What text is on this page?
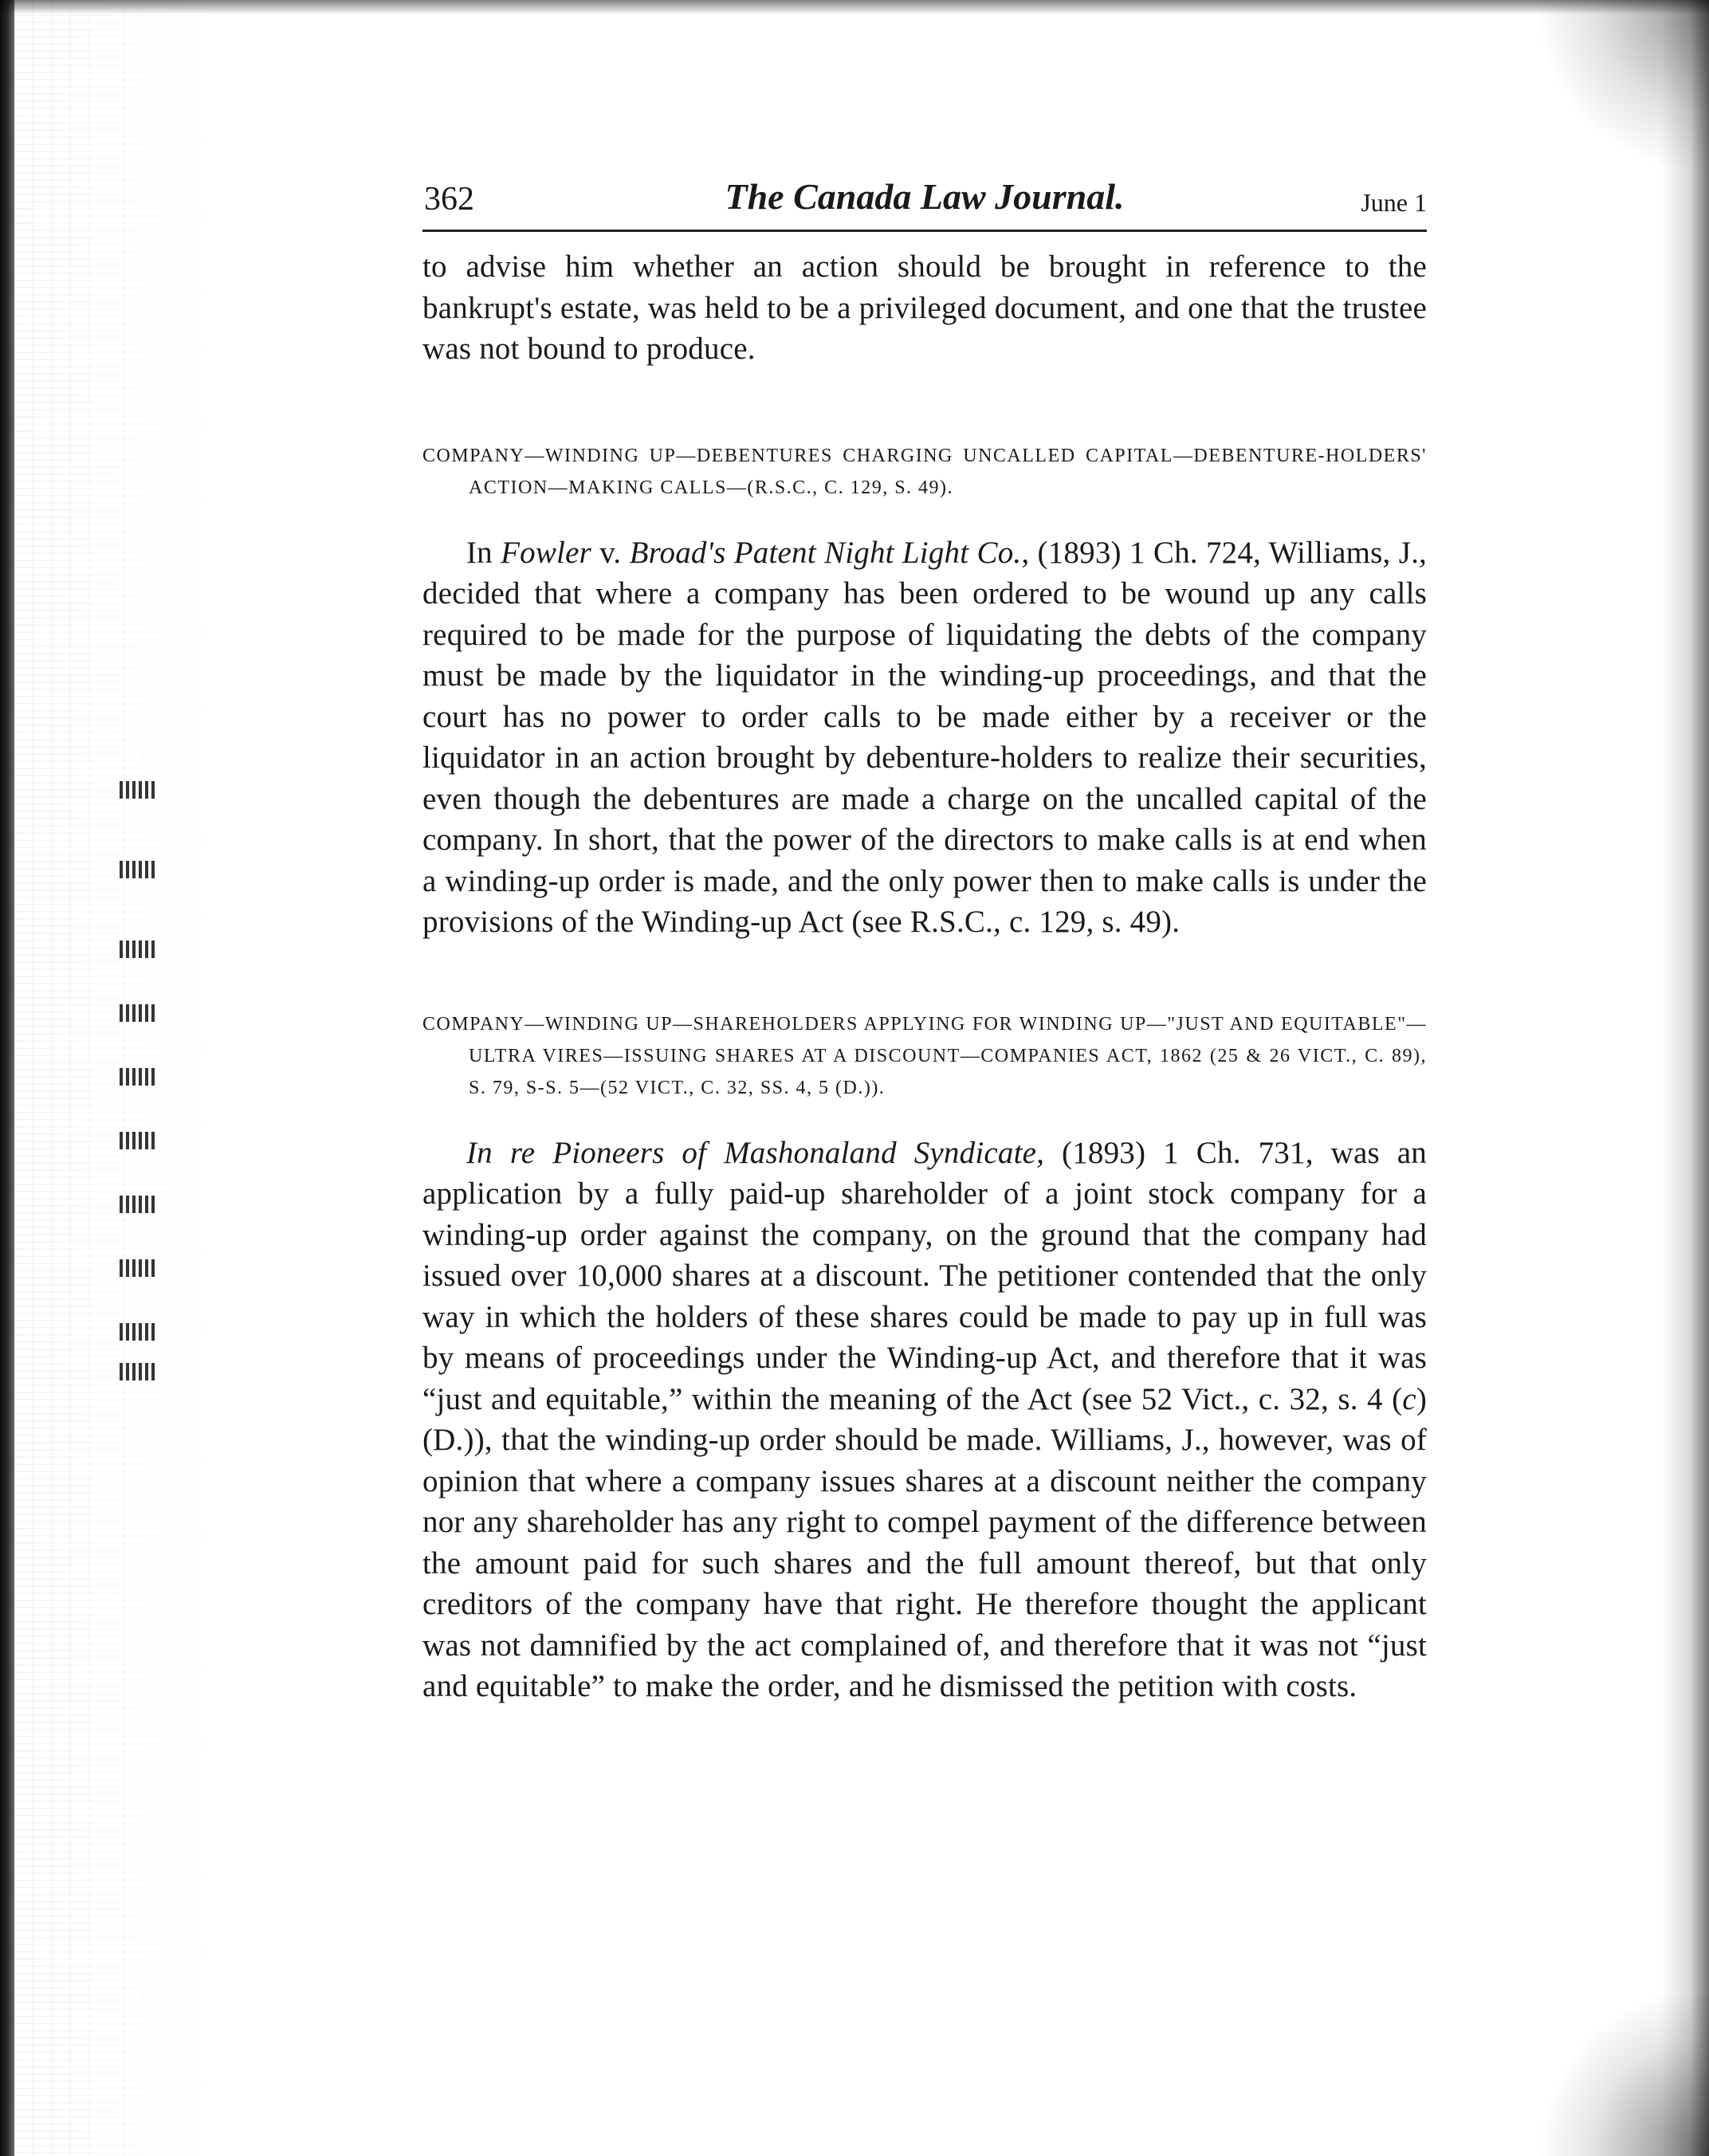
362	The Canada Law Journal.	June 1

to advise him whether an action should be brought in reference to the bankrupt's estate, was held to be a privileged document, and one that the trustee was not bound to produce.

COMPANY—WINDING UP—DEBENTURES CHARGING UNCALLED CAPITAL—DEBENTURE-HOLDERS' ACTION—MAKING CALLS—(R.S.C., C. 129, S. 49).

In Fowler v. Broad's Patent Night Light Co., (1893) 1 Ch. 724, Williams, J., decided that where a company has been ordered to be wound up any calls required to be made for the purpose of liquidating the debts of the company must be made by the liquidator in the winding-up proceedings, and that the court has no power to order calls to be made either by a receiver or the liquidator in an action brought by debenture-holders to realize their securities, even though the debentures are made a charge on the uncalled capital of the company. In short, that the power of the directors to make calls is at end when a winding-up order is made, and the only power then to make calls is under the provisions of the Winding-up Act (see R.S.C., c. 129, s. 49).

COMPANY—WINDING UP—SHAREHOLDERS APPLYING FOR WINDING UP—"JUST AND EQUITABLE"—ULTRA VIRES—ISSUING SHARES AT A DISCOUNT—COMPANIES ACT, 1862 (25 & 26 VICT., C. 89), S. 79, S-S. 5—(52 VICT., C. 32, SS. 4, 5 (D.)).

In re Pioneers of Mashonaland Syndicate, (1893) 1 Ch. 731, was an application by a fully paid-up shareholder of a joint stock company for a winding-up order against the company, on the ground that the company had issued over 10,000 shares at a discount. The petitioner contended that the only way in which the holders of these shares could be made to pay up in full was by means of proceedings under the Winding-up Act, and therefore that it was “just and equitable,” within the meaning of the Act (see 52 Vict., c. 32, s. 4 (c) (D.)), that the winding-up order should be made. Williams, J., however, was of opinion that where a company issues shares at a discount neither the company nor any shareholder has any right to compel payment of the difference between the amount paid for such shares and the full amount thereof, but that only creditors of the company have that right. He therefore thought the applicant was not damnified by the act complained of, and therefore that it was not “just and equitable” to make the order, and he dismissed the petition with costs.
